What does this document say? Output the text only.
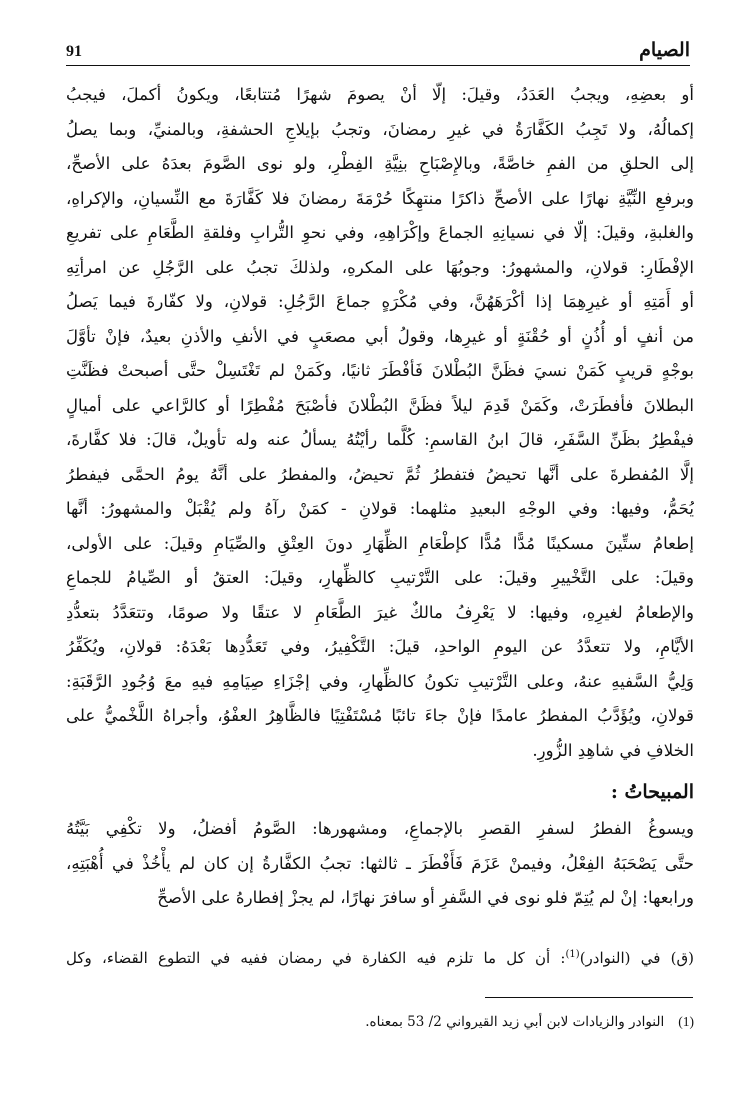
91	الصيام
أو بعضِهِ، ويجبُ العَدَدُ، وقيلَ: إلّا أنْ يصومَ شهرًا مُتتابعًا، ويكونُ أكملَ، فيجبُ
إكمالُهُ، ولا تَجِبُ الكَفَّارَةُ في غيرِ رمضانَ، وتجبُ بإيلاجِ الحشفةِ، وبالمنيِّ، وبما يصلُ
إلى الحلقِ من الفمِ خاصَّةً، وبالإِصْبَاحِ بنِيَّةِ الفِطْرِ، ولو نوى الصَّومَ بعدَهُ على الأصحِّ،
وبرفعِ النِّيَّةِ نهارًا على الأصحِّ ذاكرًا منتهِكًا حُرْمَةَ رمضانَ فلا كَفَّارَةَ مع النِّسيانِ، والإكراهِ،
والغلبةِ، وقيلَ: إلّا في نسيانِهِ الجماعَ وإكْرَاهِهِ، وفي نحوِ التُّرابِ وفلقةِ الطَّعَامِ على تفريعِ
الإفْطَارِ: قولانِ، والمشهورُ: وجوبُهَا على المكرهِ، ولذلكَ تجبُ على الرَّجُلِ عن امرأتِهِ
أو أَمَتِهِ أو غيرِهِمَا إذا أكْرَهَهُنَّ، وفي مُكْرَهٍ جماعَ الرَّجُلِ: قولانِ، ولا كفّارةَ فيما يَصلُ
من أنفٍ أو أُذُنٍ أو حُقْنَةٍ أو غيرِها، وقولُ أبي مصعَبٍ في الأنفِ والأذنِ بعيدٌ، فإنْ تأوَّلَ
بوجْهٍ قريبٍ كَمَنْ نسيَ فظَنَّ البُطْلانَ فَأفْطَرَ ثانيًا، وكَمَنْ لم تَغْتَسِلْ حتَّى أصبحتْ فظَنَّتِ
البطلانَ فأفطَرَتْ، وكَمَنْ قَدِمَ ليلاً فظَنَّ البُطْلانَ فأصْبَحَ مُفْطِرًا أو كالرَّاعي على أميالٍ
فيفْطِرُ بظَنِّ السَّفَرِ، قالَ ابنُ القاسمِ: كُلَّما رأيْتُهُ يسألُ عنه وله تأويلٌ، قالَ: فلا كفَّارةَ،
إلَّا المُفطرةَ على أنَّها تحيضُ فتفطرُ ثُمَّ تحيضُ، والمفطرُ على أنَّهُ يومُ الحمَّى فيفطرُ
يُحَمُّ، وفيها: وفي الوجْهِ البعيدِ مثلهما: قولانِ - كمَنْ رآهُ ولم يُقْبَلْ والمشهورُ: أنَّها
إطعامُ ستِّينَ مسكينًا مُدًّا مُدًّا كإطْعَامِ الظِّهَارِ دونَ العِتْقِ والصِّيَامِ وقيلَ: على الأولى،
وقيلَ: على التَّخْييرِ وقيلَ: على التَّرْتيبِ كالظِّهارِ، وقيلَ: العتقُ أو الصِّيامُ للجماعِ
والإطعامُ لغيرِهِ، وفيها: لا يَعْرِفُ مالكٌ غيرَ الطَّعَامِ لا عتقًا ولا صومًا، وتتعَدَّدُ بتعدُّدِ
الأيَّامِ، ولا تتعدَّدُ عن اليومِ الواحدِ، قيلَ: التَّكْفِيرُ، وفي تَعَدُّدِها بَعْدَهُ: قولانِ، ويُكَفِّرُ
وَلِيُّ السَّفيهِ عنهُ، وعلى التَّرْتيبِ تكونُ كالظِّهارِ، وفي إجْزَاءِ صِيَامِهِ فيهِ معَ وُجُودِ الرَّقَبَةِ:
قولانِ، ويُؤَدَّبُ المفطرُ عامدًا فإنْ جاءَ تائبًا مُسْتَفْتِيًا فالظَّاهِرُ العفْوُ، وأجراهُ اللَّخْميُّ على
الخلافِ في شاهِدِ الزُّورِ.
المبيحاتُ :
ويسوغُ الفطرُ لسفرِ القصرِ بالإجماعِ، ومشهورها: الصَّومُ أفضلُ، ولا تكْفِي بَيَّتُهُ
حتَّى يَصْحَبَهُ الفِعْلُ، وفيمنْ عَزَمَ فَأَفْطَرَ ـ ثالثها: تجبُ الكفَّارةُ إن كان لم يأْخُذْ في أُهْبَتِهِ،
ورابعها: إنْ لم يُتِمّ فلو نوى في السَّفرِ أو سافرَ نهارًا، لم يجزْ إفطارهُ على الأصحِّ
(ق) في (النوادر)$^{(1)}$: أن كل ما تلزم فيه الكفارة في رمضان ففيه في التطوع القضاء، وكل
(1)
النوادر والزيادات لابن أبي زيد القيرواني 2/ 53 بمعناه.
